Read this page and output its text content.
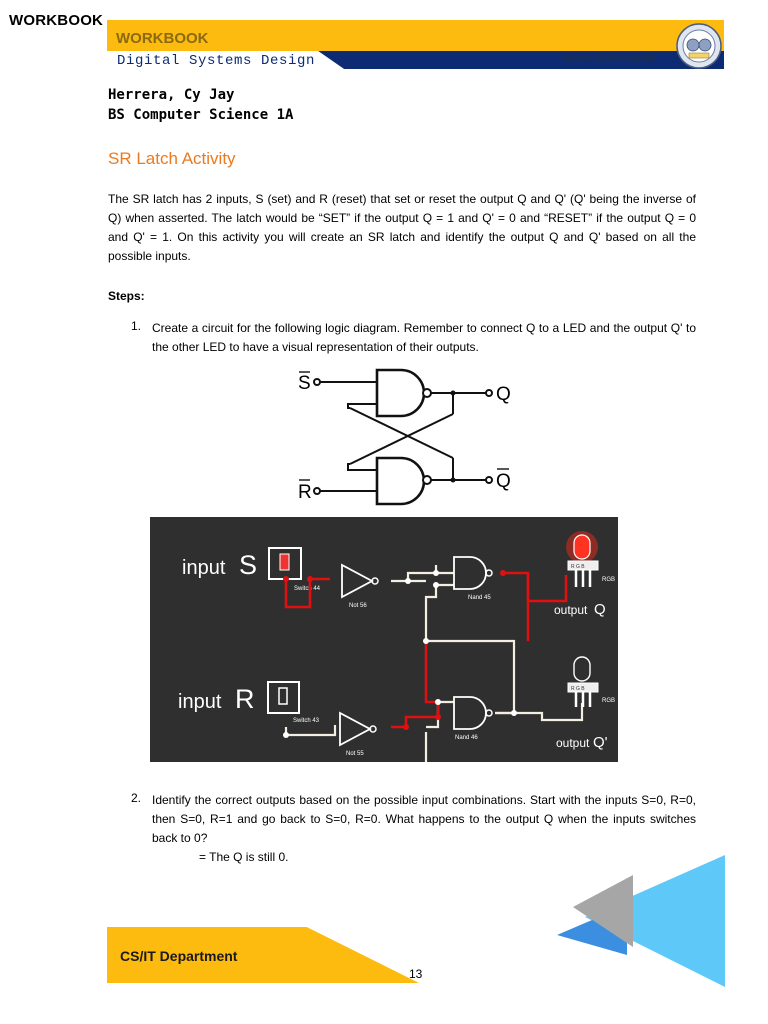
WORKBOOK
WORKBOOK
Digital Systems Design	Instructor's Guide
Herrera, Cy Jay
BS Computer Science 1A
SR Latch Activity
The SR latch has 2 inputs, S (set) and R (reset) that set or reset the output Q and Q' (Q' being the inverse of Q) when asserted. The latch would be “SET” if the output Q = 1 and Q' = 0 and “RESET” if the output Q = 0 and Q' = 1. On this activity you will create an SR latch and identify the output Q and Q' based on all the possible inputs.
Steps:
1. Create a circuit for the following logic diagram. Remember to connect Q to a LED and the output Q' to the other LED to have a visual representation of their outputs.
S
R
Q
Q
input S
input R
Switch 44
Switch 43
Not 56
Not 55
Nand 45
Nand 46
R G B
RGB
output Q
R G B
RGB
output Q'
2. Identify the correct outputs based on the possible input combinations. Start with the inputs S=0, R=0, then S=0, R=1 and go back to S=0, R=0. What happens to the output Q when the inputs switches back to 0?
= The Q is still 0.
CS/IT Department
13
